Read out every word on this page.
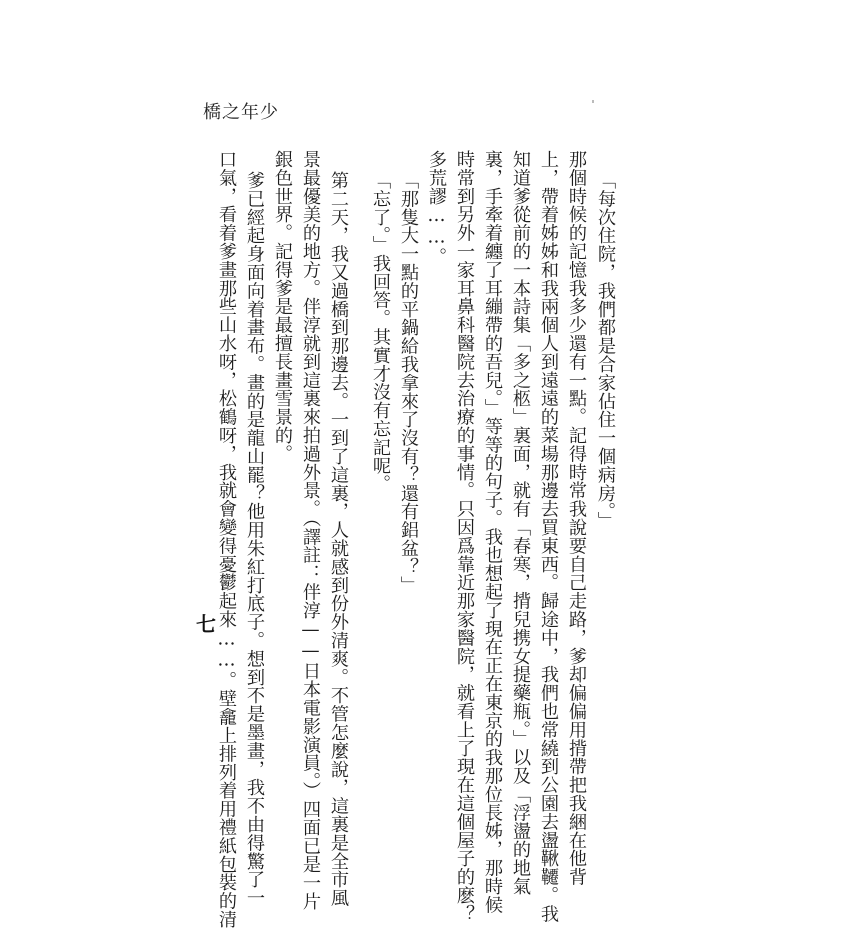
橋之年少
「每次住院，我們都是合家佔住一個病房。」
那個時候的記憶我多少還有一點。記得時常我說要自己走路，爹却偏偏用揹帶把我綑在他背
上，帶着姊姊和我兩個人到遠遠的菜場那邊去買東西。歸途中，我們也常繞到公園去盪鞦韆。我
知道爹從前的一本詩集「多之柩」裏面，就有「春寒，揹兒携女提藥瓶。」以及「浮盪的地氣
裏，手牽着纏了耳繃帶的吾兒。」等等的句子。我也想起了現在正在東京的我那位長姊，那時候
時常到另外一家耳鼻科醫院去治療的事情。只因爲靠近那家醫院，就看上了現在這個屋子的麽？
多荒謬……。
「那隻大一點的平鍋給我拿來了沒有？還有鋁盆？」
「忘了。」我回答。其實才沒有忘記呢。
第二天，我又過橋到那邊去。一到了這裏，人就感到份外清爽。不管怎麼說，這裏是全市風
景最優美的地方。伴淳就到這裏來拍過外景。（譯註：伴淳——日本電影演員。）四面已是一片
銀色世界。記得爹是最擅長畫雪景的。
爹已經起身面向着畫布。畫的是龍山罷？他用朱紅打底子。想到不是墨畫，我不由得驚了一
口氣，看着爹畫那些山水呀，松鶴呀，我就會變得憂鬱起來……。壁龕上排列着用禮紙包裝的清
七
